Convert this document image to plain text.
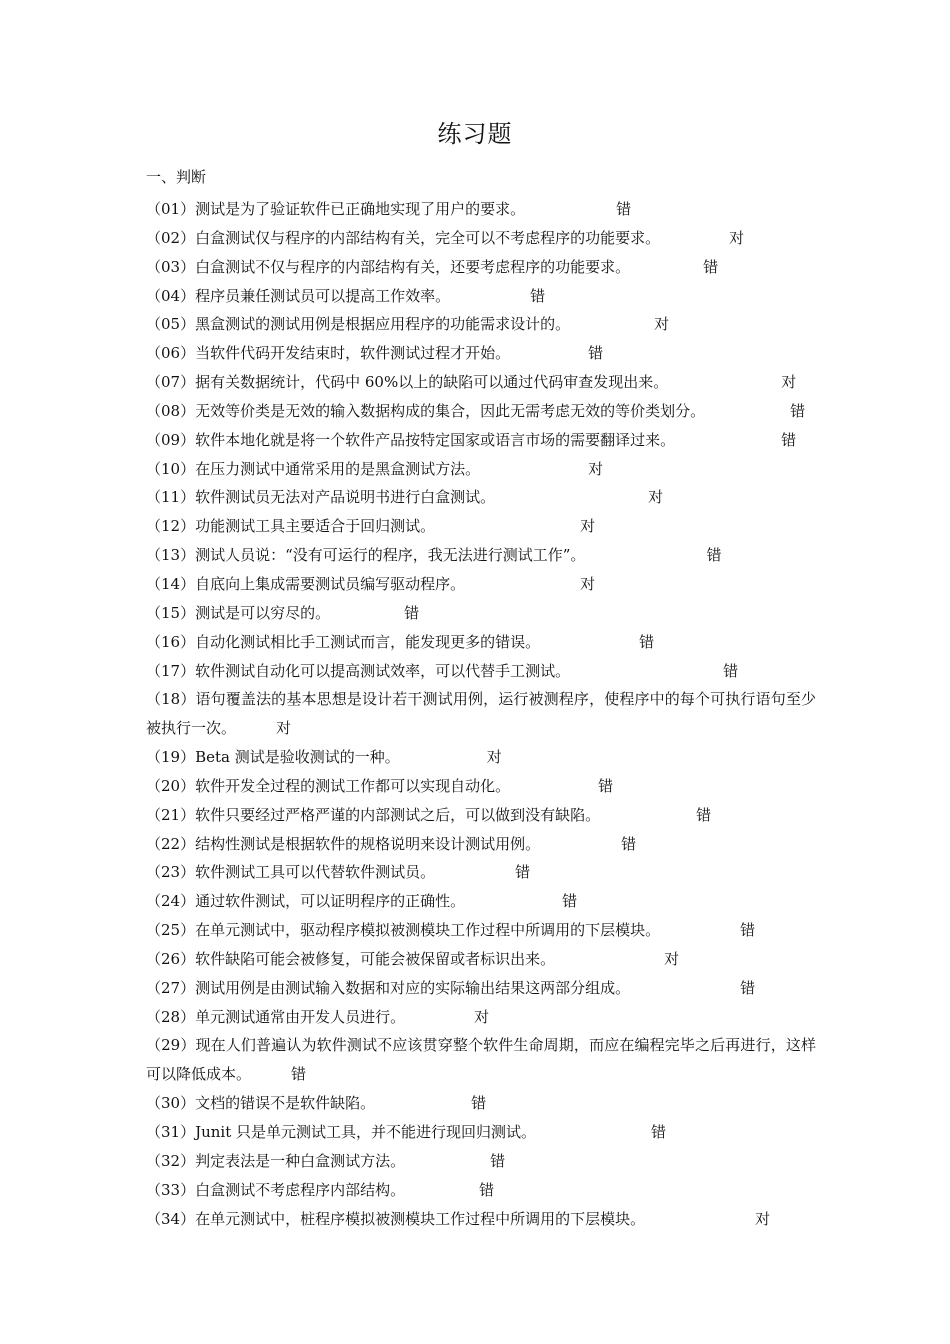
练习题
一、判断
（01）测试是为了验证软件已正确地实现了用户的要求。	错
（02）白盒测试仅与程序的内部结构有关，完全可以不考虑程序的功能要求。	对
（03）白盒测试不仅与程序的内部结构有关，还要考虑程序的功能要求。	错
（04）程序员兼任测试员可以提高工作效率。	错
（05）黑盒测试的测试用例是根据应用程序的功能需求设计的。	对
（06）当软件代码开发结束时，软件测试过程才开始。	错
（07）据有关数据统计，代码中 60%以上的缺陷可以通过代码审查发现出来。	对
（08）无效等价类是无效的输入数据构成的集合，因此无需考虑无效的等价类划分。	错
（09）软件本地化就是将一个软件产品按特定国家或语言市场的需要翻译过来。	错
（10）在压力测试中通常采用的是黑盒测试方法。	对
（11）软件测试员无法对产品说明书进行白盒测试。	对
（12）功能测试工具主要适合于回归测试。	对
（13）测试人员说：“没有可运行的程序，我无法进行测试工作”。	错
（14）自底向上集成需要测试员编写驱动程序。	对
（15）测试是可以穷尽的。	错
（16）自动化测试相比手工测试而言，能发现更多的错误。	错
（17）软件测试自动化可以提高测试效率，可以代替手工测试。	错
（18）语句覆盖法的基本思想是设计若干测试用例，运行被测程序，使程序中的每个可执行语句至少被执行一次。	对
（19）Beta 测试是验收测试的一种。	对
（20）软件开发全过程的测试工作都可以实现自动化。	错
（21）软件只要经过严格严谨的内部测试之后，可以做到没有缺陷。	错
（22）结构性测试是根据软件的规格说明来设计测试用例。	错
（23）软件测试工具可以代替软件测试员。	错
（24）通过软件测试，可以证明程序的正确性。	错
（25）在单元测试中，驱动程序模拟被测模块工作过程中所调用的下层模块。	错
（26）软件缺陷可能会被修复，可能会被保留或者标识出来。	对
（27）测试用例是由测试输入数据和对应的实际输出结果这两部分组成。	错
（28）单元测试通常由开发人员进行。	对
（29）现在人们普遍认为软件测试不应该贯穿整个软件生命周期，而应在编程完毕之后再进行，这样可以降低成本。	错
（30）文档的错误不是软件缺陷。	错
（31）Junit 只是单元测试工具，并不能进行现回归测试。	错
（32）判定表法是一种白盒测试方法。	错
（33）白盒测试不考虑程序内部结构。	错
（34）在单元测试中，桩程序模拟被测模块工作过程中所调用的下层模块。	对
